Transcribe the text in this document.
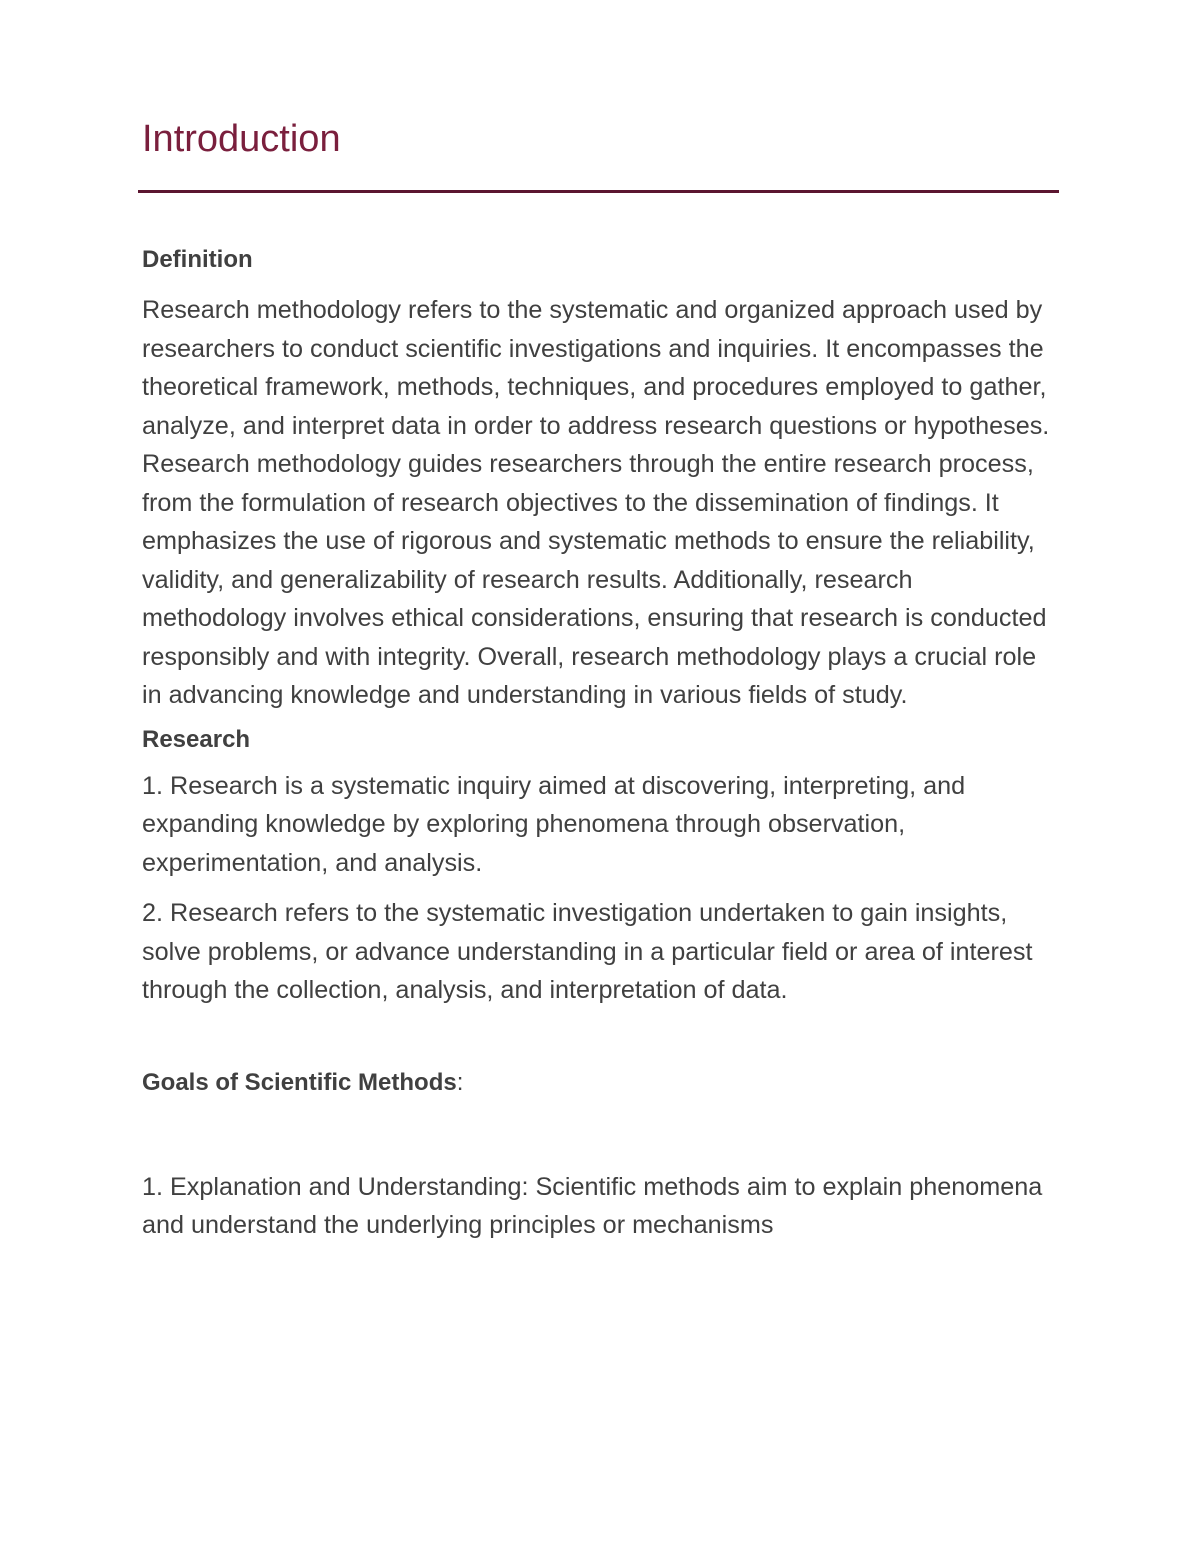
Introduction
Definition

Research methodology refers to the systematic and organized approach used by researchers to conduct scientific investigations and inquiries. It encompasses the theoretical framework, methods, techniques, and procedures employed to gather, analyze, and interpret data in order to address research questions or hypotheses. Research methodology guides researchers through the entire research process, from the formulation of research objectives to the dissemination of findings. It emphasizes the use of rigorous and systematic methods to ensure the reliability, validity, and generalizability of research results. Additionally, research methodology involves ethical considerations, ensuring that research is conducted responsibly and with integrity. Overall, research methodology plays a crucial role in advancing knowledge and understanding in various fields of study.

Research

1. Research is a systematic inquiry aimed at discovering, interpreting, and expanding knowledge by exploring phenomena through observation, experimentation, and analysis.

2. Research refers to the systematic investigation undertaken to gain insights, solve problems, or advance understanding in a particular field or area of interest through the collection, analysis, and interpretation of data.

Goals of Scientific Methods:

1. Explanation and Understanding: Scientific methods aim to explain phenomena and understand the underlying principles or mechanisms
